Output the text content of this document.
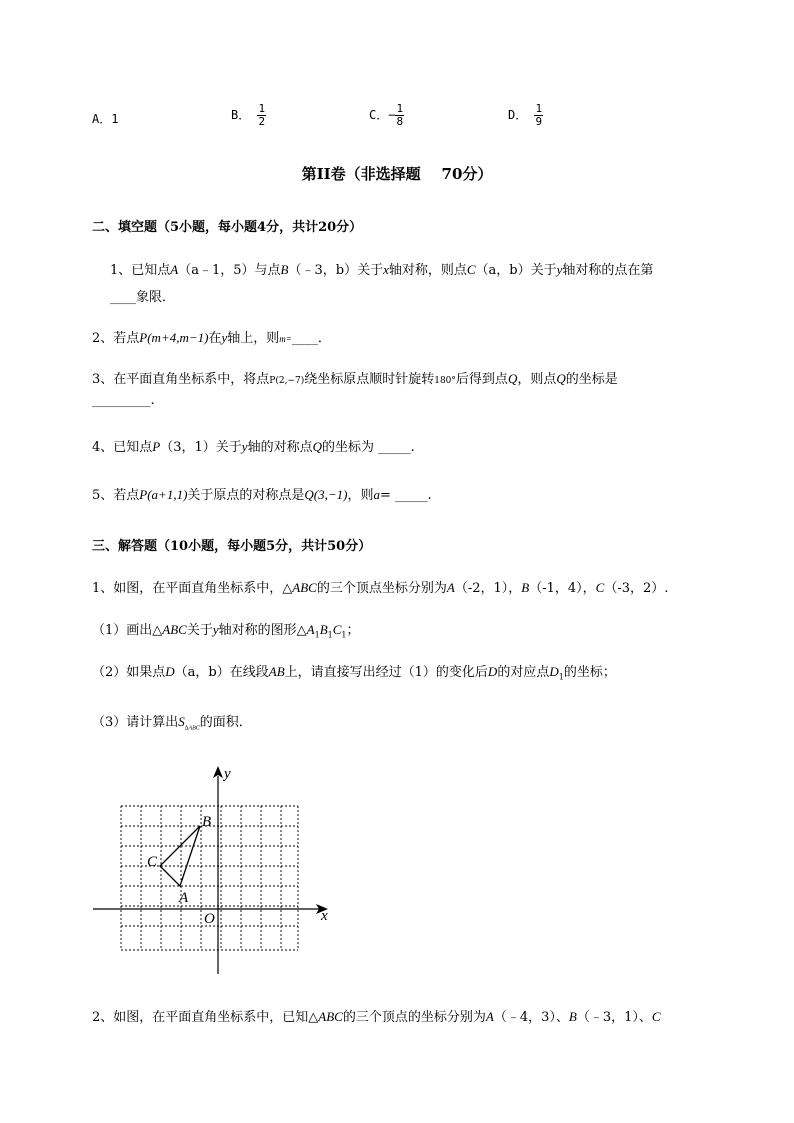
A．1	B． $\frac{1}{2}$	C．− $\frac{1}{8}$	D． $\frac{1}{9}$
第II卷（非选择题    70分）
二、填空题（5小题，每小题4分，共计20分）
1、已知点A（a﹣1，5）与点B（﹣3，b）关于x轴对称，则点C（a，b）关于y轴对称的点在第
____象限．
2、若点P(m+4,m−1)在y轴上，则m=____．
3、在平面直角坐标系中，将点P(2,−7)绕坐标原点顺时针旋转180°后得到点Q，则点Q的坐标是
_________.
4、已知点P（3，1）关于y轴的对称点Q的坐标为 _____.
5、若点P(a+1,1)关于原点的对称点是Q(3,−1)，则a= _____.
三、解答题（10小题，每小题5分，共计50分）
1、如图，在平面直角坐标系中，△ABC的三个顶点坐标分别为A（-2，1），B（-1，4），C（-3，2）.
（1）画出△ABC关于y轴对称的图形$\triangle A_1B_1C_1$；
（2）如果点D（a，b）在线段AB上，请直接写出经过（1）的变化后D的对应点$D_1$的坐标；
（3）请计算出$S_{\Delta ABC}$的面积．
y
x
O
B
C
A
2、如图，在平面直角坐标系中，已知△ABC的三个顶点的坐标分别为A（﹣4，3）、B（﹣3，1）、C
